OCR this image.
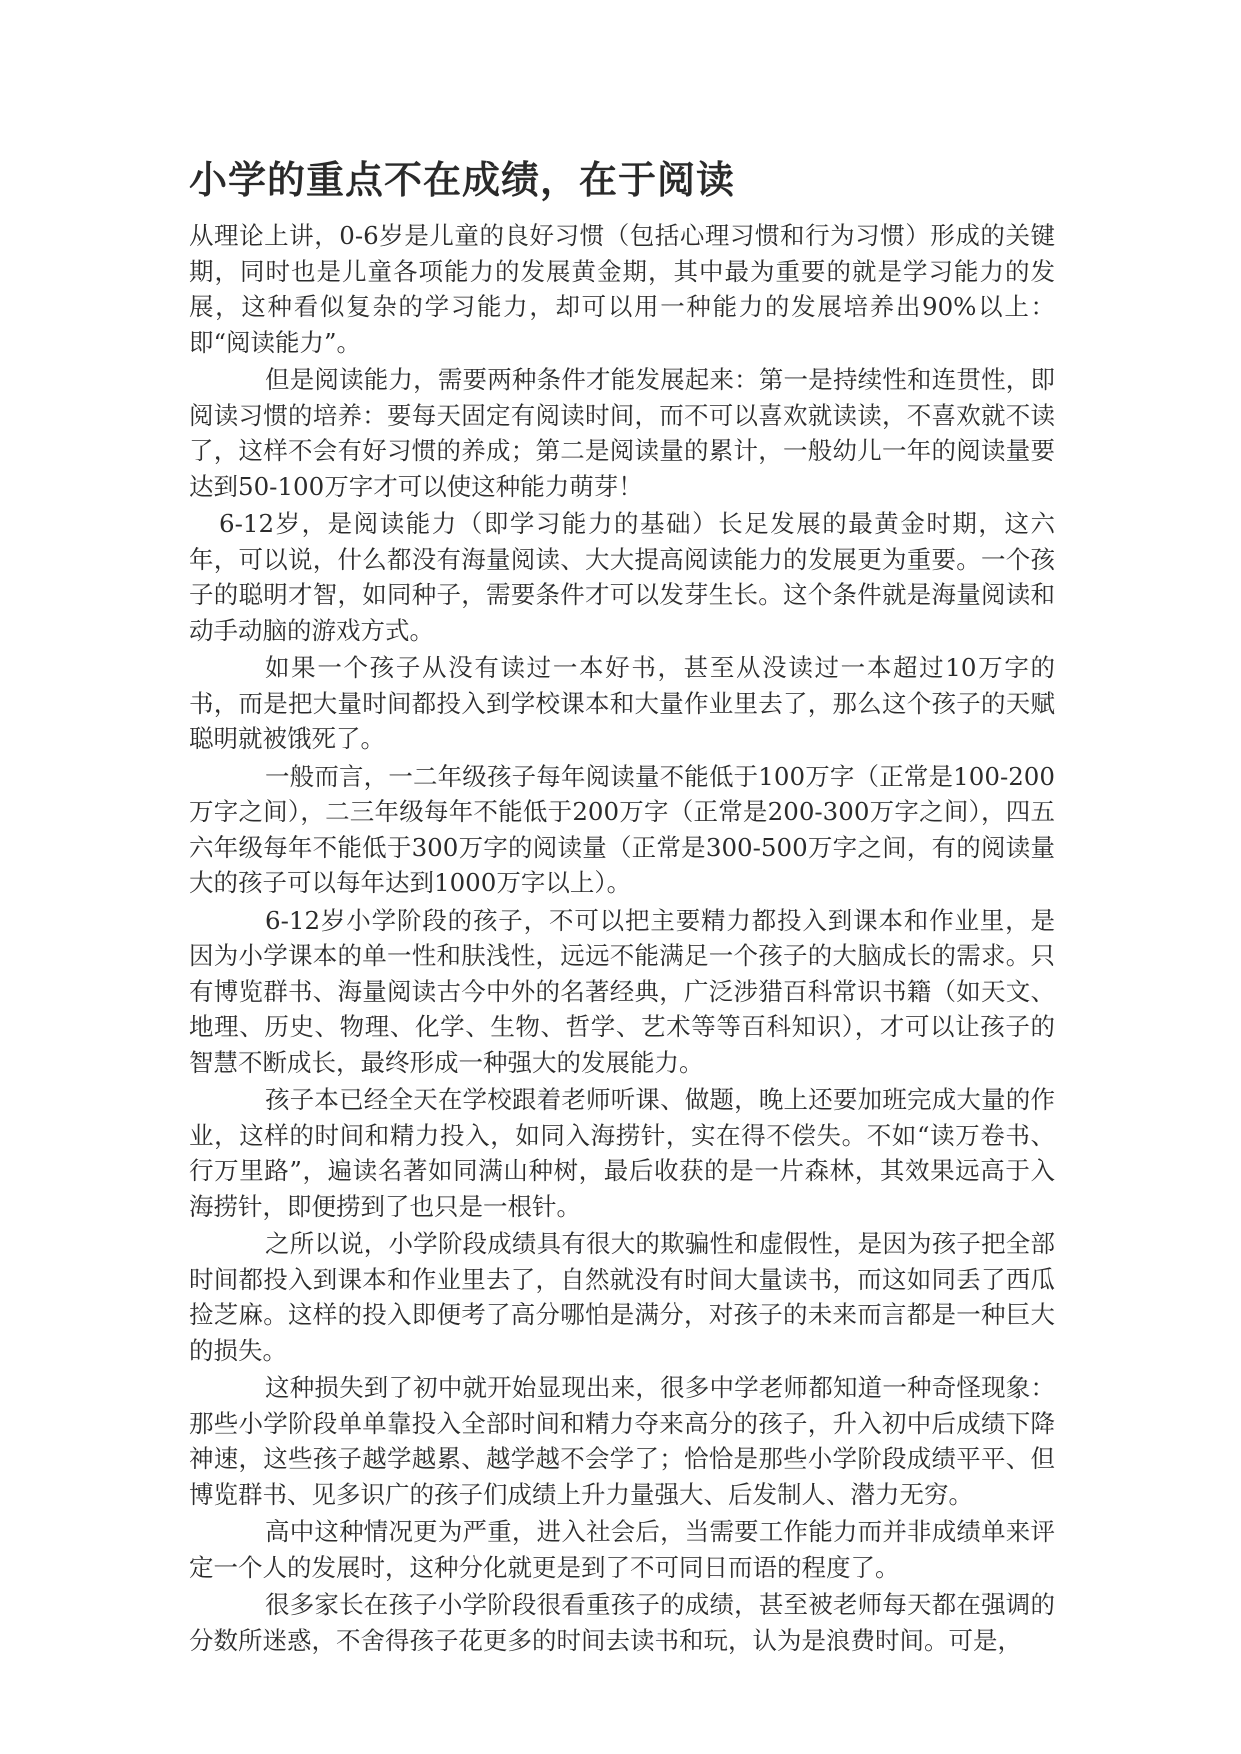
小学的重点不在成绩，在于阅读

从理论上讲，0-6岁是儿童的良好习惯（包括心理习惯和行为习惯）形成的关键期，同时也是儿童各项能力的发展黄金期，其中最为重要的就是学习能力的发展，这种看似复杂的学习能力，却可以用一种能力的发展培养出90%以上：即“阅读能力”。

但是阅读能力，需要两种条件才能发展起来：第一是持续性和连贯性，即阅读习惯的培养：要每天固定有阅读时间，而不可以喜欢就读读，不喜欢就不读了，这样不会有好习惯的养成；第二是阅读量的累计，一般幼儿一年的阅读量要达到50-100万字才可以使这种能力萌芽！

6-12岁，是阅读能力（即学习能力的基础）长足发展的最黄金时期，这六年，可以说，什么都没有海量阅读、大大提高阅读能力的发展更为重要。一个孩子的聪明才智，如同种子，需要条件才可以发芽生长。这个条件就是海量阅读和动手动脑的游戏方式。

如果一个孩子从没有读过一本好书，甚至从没读过一本超过10万字的书，而是把大量时间都投入到学校课本和大量作业里去了，那么这个孩子的天赋聪明就被饿死了。

一般而言，一二年级孩子每年阅读量不能低于100万字（正常是100-200万字之间），二三年级每年不能低于200万字（正常是200-300万字之间），四五六年级每年不能低于300万字的阅读量（正常是300-500万字之间，有的阅读量大的孩子可以每年达到1000万字以上）。

6-12岁小学阶段的孩子，不可以把主要精力都投入到课本和作业里，是因为小学课本的单一性和肤浅性，远远不能满足一个孩子的大脑成长的需求。只有博览群书、海量阅读古今中外的名著经典，广泛涉猎百科常识书籍（如天文、地理、历史、物理、化学、生物、哲学、艺术等等百科知识），才可以让孩子的智慧不断成长，最终形成一种强大的发展能力。

孩子本已经全天在学校跟着老师听课、做题，晚上还要加班完成大量的作业，这样的时间和精力投入，如同入海捞针，实在得不偿失。不如“读万卷书、行万里路”，遍读名著如同满山种树，最后收获的是一片森林，其效果远高于入海捞针，即便捞到了也只是一根针。

之所以说，小学阶段成绩具有很大的欺骗性和虚假性，是因为孩子把全部时间都投入到课本和作业里去了，自然就没有时间大量读书，而这如同丢了西瓜捡芝麻。这样的投入即便考了高分哪怕是满分，对孩子的未来而言都是一种巨大的损失。

这种损失到了初中就开始显现出来，很多中学老师都知道一种奇怪现象：那些小学阶段单单靠投入全部时间和精力夺来高分的孩子，升入初中后成绩下降神速，这些孩子越学越累、越学越不会学了；恰恰是那些小学阶段成绩平平、但博览群书、见多识广的孩子们成绩上升力量强大、后发制人、潜力无穷。

高中这种情况更为严重，进入社会后，当需要工作能力而并非成绩单来评定一个人的发展时，这种分化就更是到了不可同日而语的程度了。

很多家长在孩子小学阶段很看重孩子的成绩，甚至被老师每天都在强调的分数所迷惑，不舍得孩子花更多的时间去读书和玩，认为是浪费时间。可是，
